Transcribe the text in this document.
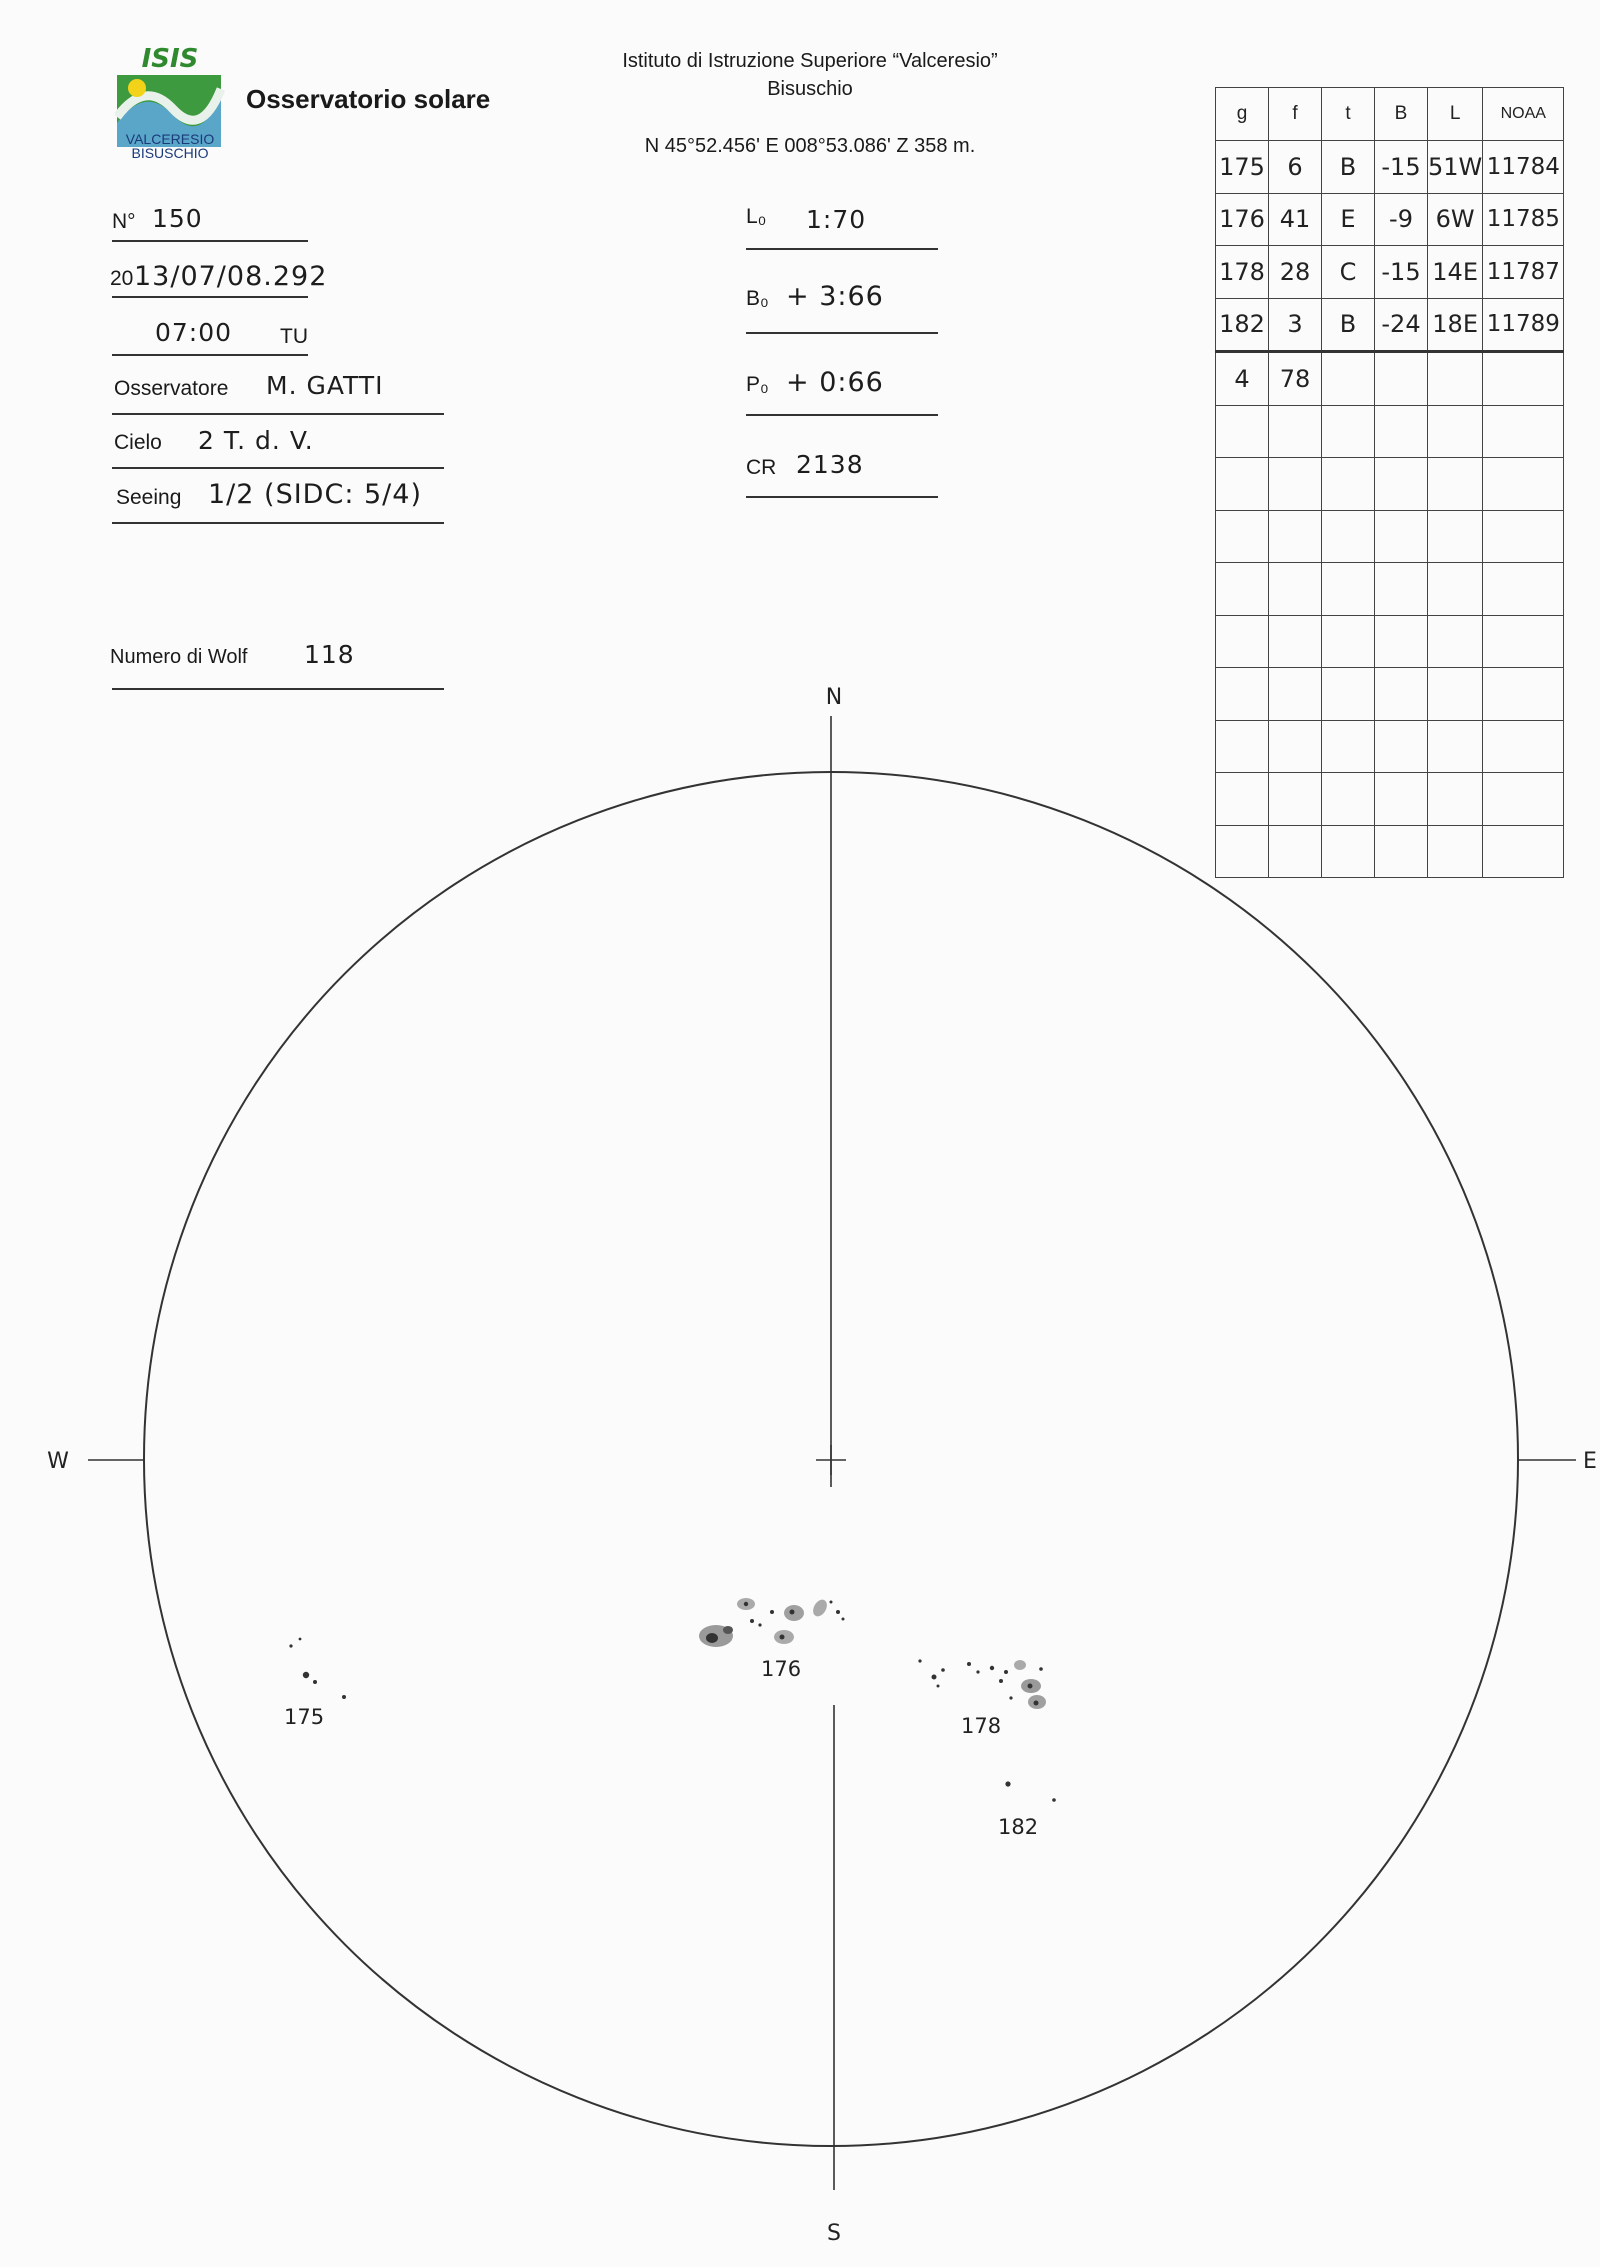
ISIS
VALCERESIO
BISUSCHIO
Osservatorio solare
Istituto di Istruzione Superiore “Valceresio”
Bisuschio
N 45°52.456' E 008°53.086' Z 358 m.
N° 150
20 13/07/08.292
07:00 TU
Osservatore M. GATTI
Cielo 2 T. d. V.
Seeing 1/2 (SIDC: 5/4)
Numero di Wolf 118
L₀ 1:70
B₀ + 3:66
P₀ + 0:66
CR 2138
g	f	t	B	L	NOAA
175	6	B	-15	51W	11784
176	41	E	-9	6W	11785
178	28	C	-15	14E	11787
182	3	B	-24	18E	11789
4	78				

N
S
W	E
175
176
178
182
